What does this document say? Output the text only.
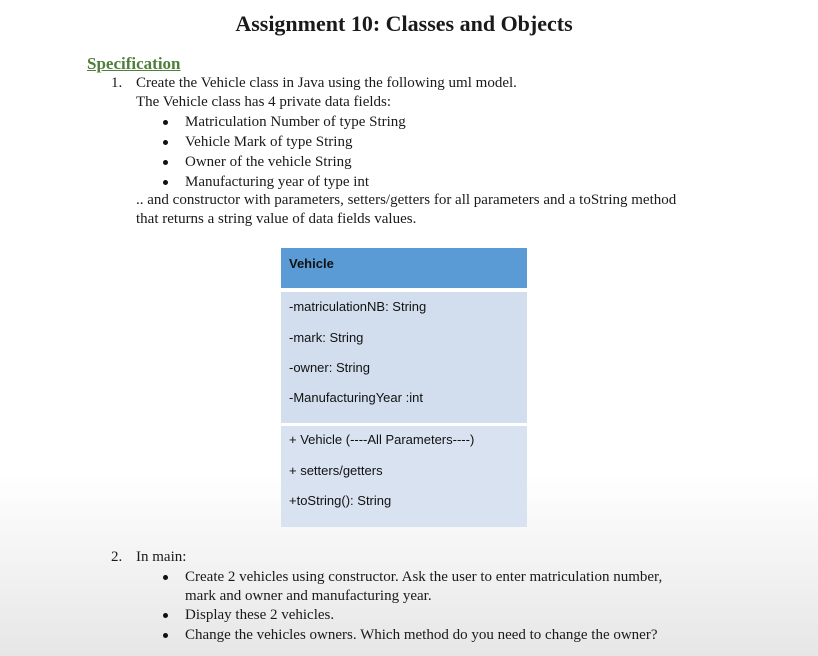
Assignment 10: Classes and Objects
Specification
1. Create the Vehicle class in Java using the following uml model.
The Vehicle class has 4 private data fields:
Matriculation Number of type String
Vehicle Mark of type String
Owner of the vehicle String
Manufacturing year of type int
.. and constructor with parameters, setters/getters for all parameters and a toString method
that returns a string value of data fields values.
Vehicle
-matriculationNB: String
-mark: String
-owner: String
-ManufacturingYear :int
+ Vehicle (----All Parameters----)
+ setters/getters
+toString(): String
2. In main:
Create 2 vehicles using constructor. Ask the user to enter matriculation number,
mark and owner and manufacturing year.
Display these 2 vehicles.
Change the vehicles owners. Which method do you need to change the owner?
